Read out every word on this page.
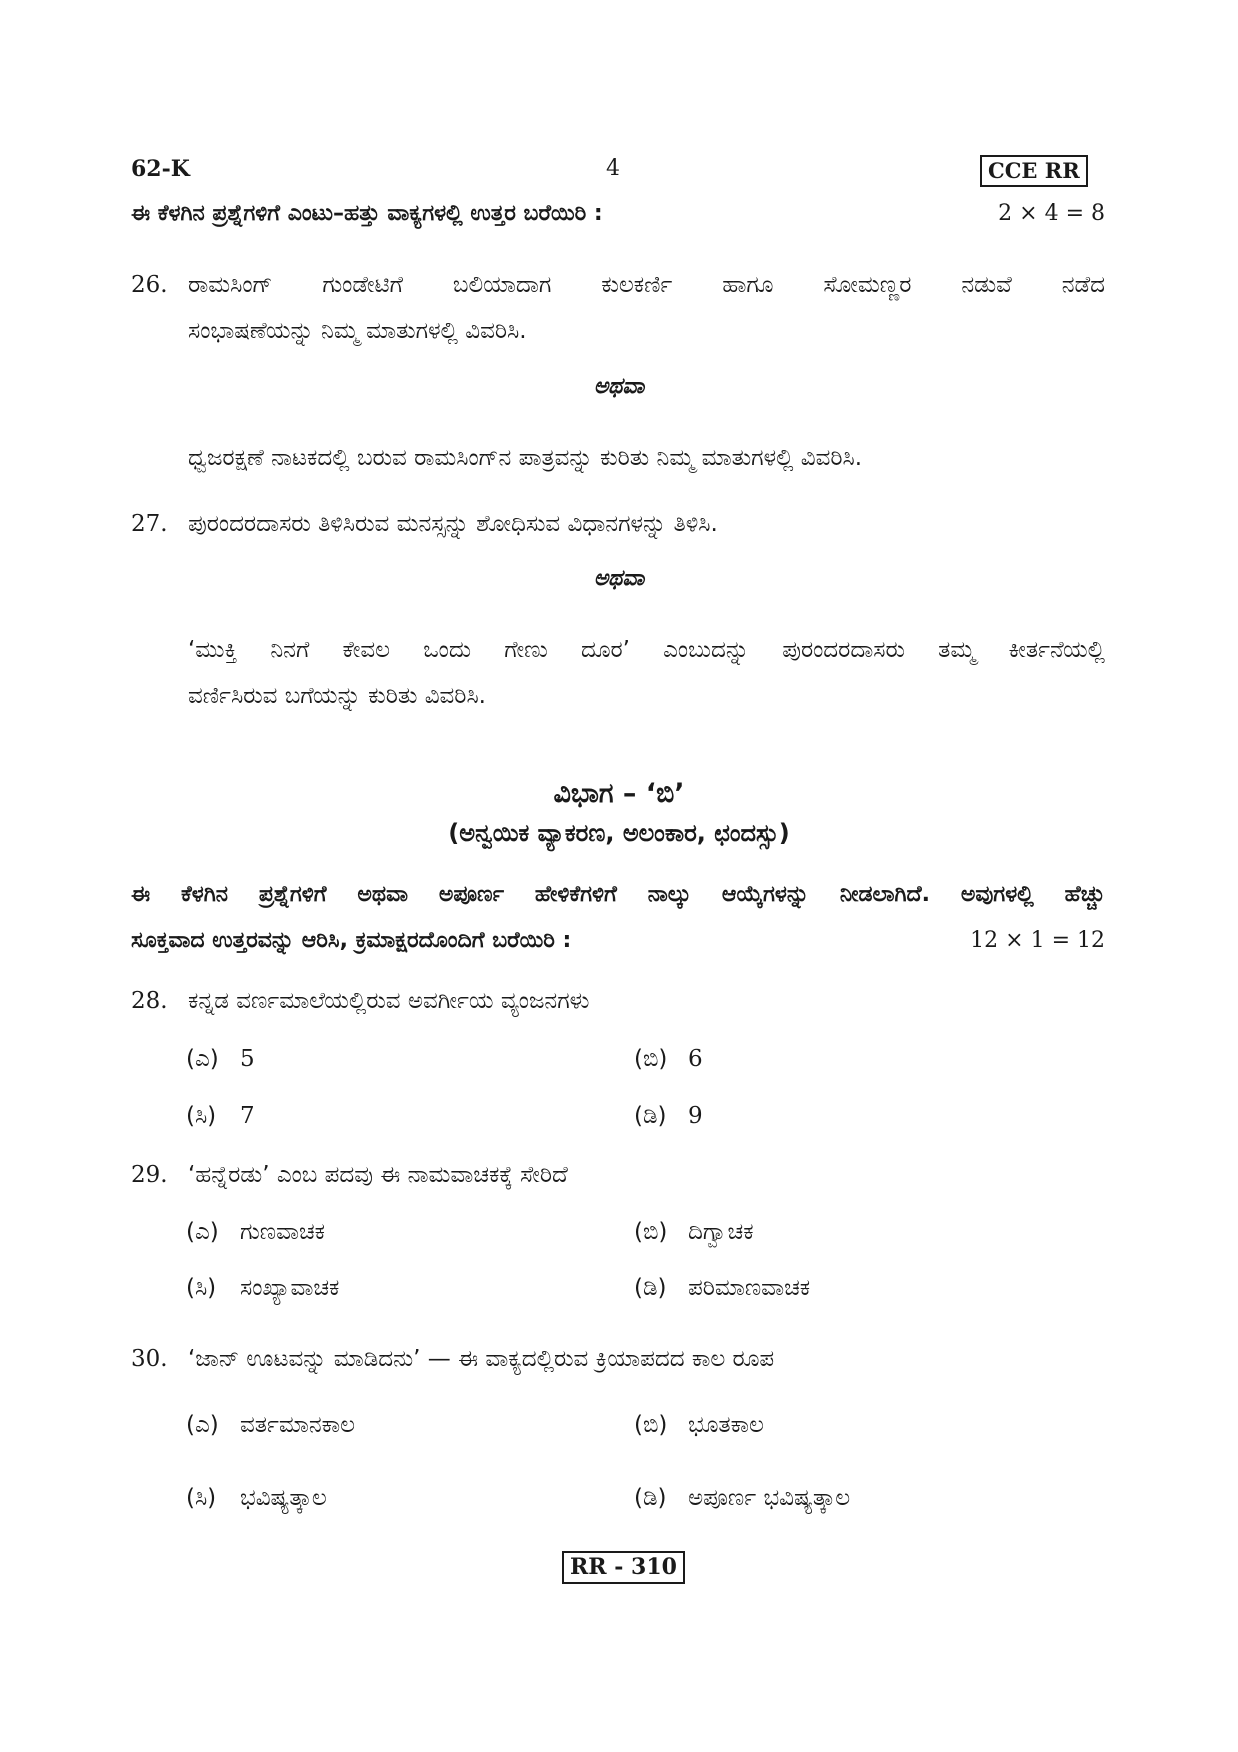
62-K	4	CCE RR
ಈ ಕೆಳಗಿನ ಪ್ರಶ್ನೆಗಳಿಗೆ ಎಂಟು–ಹತ್ತು ವಾಕ್ಯಗಳಲ್ಲಿ ಉತ್ತರ ಬರೆಯಿರಿ :	2 × 4 = 8
26. ರಾಮಸಿಂಗ್ ಗುಂಡೇಟಿಗೆ ಬಲಿಯಾದಾಗ ಕುಲಕರ್ಣಿ ಹಾಗೂ ಸೋಮಣ್ಣರ ನಡುವೆ ನಡೆದ
ಸಂಭಾಷಣೆಯನ್ನು ನಿಮ್ಮ ಮಾತುಗಳಲ್ಲಿ ವಿವರಿಸಿ.
ಅಥವಾ
ಧ್ವಜರಕ್ಷಣೆ ನಾಟಕದಲ್ಲಿ ಬರುವ ರಾಮಸಿಂಗ್‌ನ ಪಾತ್ರವನ್ನು ಕುರಿತು ನಿಮ್ಮ ಮಾತುಗಳಲ್ಲಿ ವಿವರಿಸಿ.
27. ಪುರಂದರದಾಸರು ತಿಳಿಸಿರುವ ಮನಸ್ಸನ್ನು ಶೋಧಿಸುವ ವಿಧಾನಗಳನ್ನು ತಿಳಿಸಿ.
ಅಥವಾ
‘ಮುಕ್ತಿ ನಿನಗೆ ಕೇವಲ ಒಂದು ಗೇಣು ದೂರ’ ಎಂಬುದನ್ನು ಪುರಂದರದಾಸರು ತಮ್ಮ ಕೀರ್ತನೆಯಲ್ಲಿ
ವರ್ಣಿಸಿರುವ ಬಗೆಯನ್ನು ಕುರಿತು ವಿವರಿಸಿ.
ವಿಭಾಗ – ‘ಬಿ’
(ಅನ್ವಯಿಕ ವ್ಯಾಕರಣ, ಅಲಂಕಾರ, ಛಂದಸ್ಸು)
ಈ ಕೆಳಗಿನ ಪ್ರಶ್ನೆಗಳಿಗೆ ಅಥವಾ ಅಪೂರ್ಣ ಹೇಳಿಕೆಗಳಿಗೆ ನಾಲ್ಕು ಆಯ್ಕೆಗಳನ್ನು ನೀಡಲಾಗಿದೆ. ಅವುಗಳಲ್ಲಿ ಹೆಚ್ಚು
ಸೂಕ್ತವಾದ ಉತ್ತರವನ್ನು ಆರಿಸಿ, ಕ್ರಮಾಕ್ಷರದೊಂದಿಗೆ ಬರೆಯಿರಿ :	12 × 1 = 12
28. ಕನ್ನಡ ವರ್ಣಮಾಲೆಯಲ್ಲಿರುವ ಅವರ್ಗೀಯ ವ್ಯಂಜನಗಳು
(ಎ) 5	(ಬಿ) 6
(ಸಿ) 7	(ಡಿ) 9
29. ‘ಹನ್ನೆರಡು’ ಎಂಬ ಪದವು ಈ ನಾಮವಾಚಕಕ್ಕೆ ಸೇರಿದೆ
(ಎ) ಗುಣವಾಚಕ	(ಬಿ) ದಿಗ್ವಾಚಕ
(ಸಿ) ಸಂಖ್ಯಾವಾಚಕ	(ಡಿ) ಪರಿಮಾಣವಾಚಕ
30. ‘ಜಾನ್ ಊಟವನ್ನು ಮಾಡಿದನು’ — ಈ ವಾಕ್ಯದಲ್ಲಿರುವ ಕ್ರಿಯಾಪದದ ಕಾಲ ರೂಪ
(ಎ) ವರ್ತಮಾನಕಾಲ	(ಬಿ) ಭೂತಕಾಲ
(ಸಿ) ಭವಿಷ್ಯತ್ಕಾಲ	(ಡಿ) ಅಪೂರ್ಣ ಭವಿಷ್ಯತ್ಕಾಲ
RR - 310
